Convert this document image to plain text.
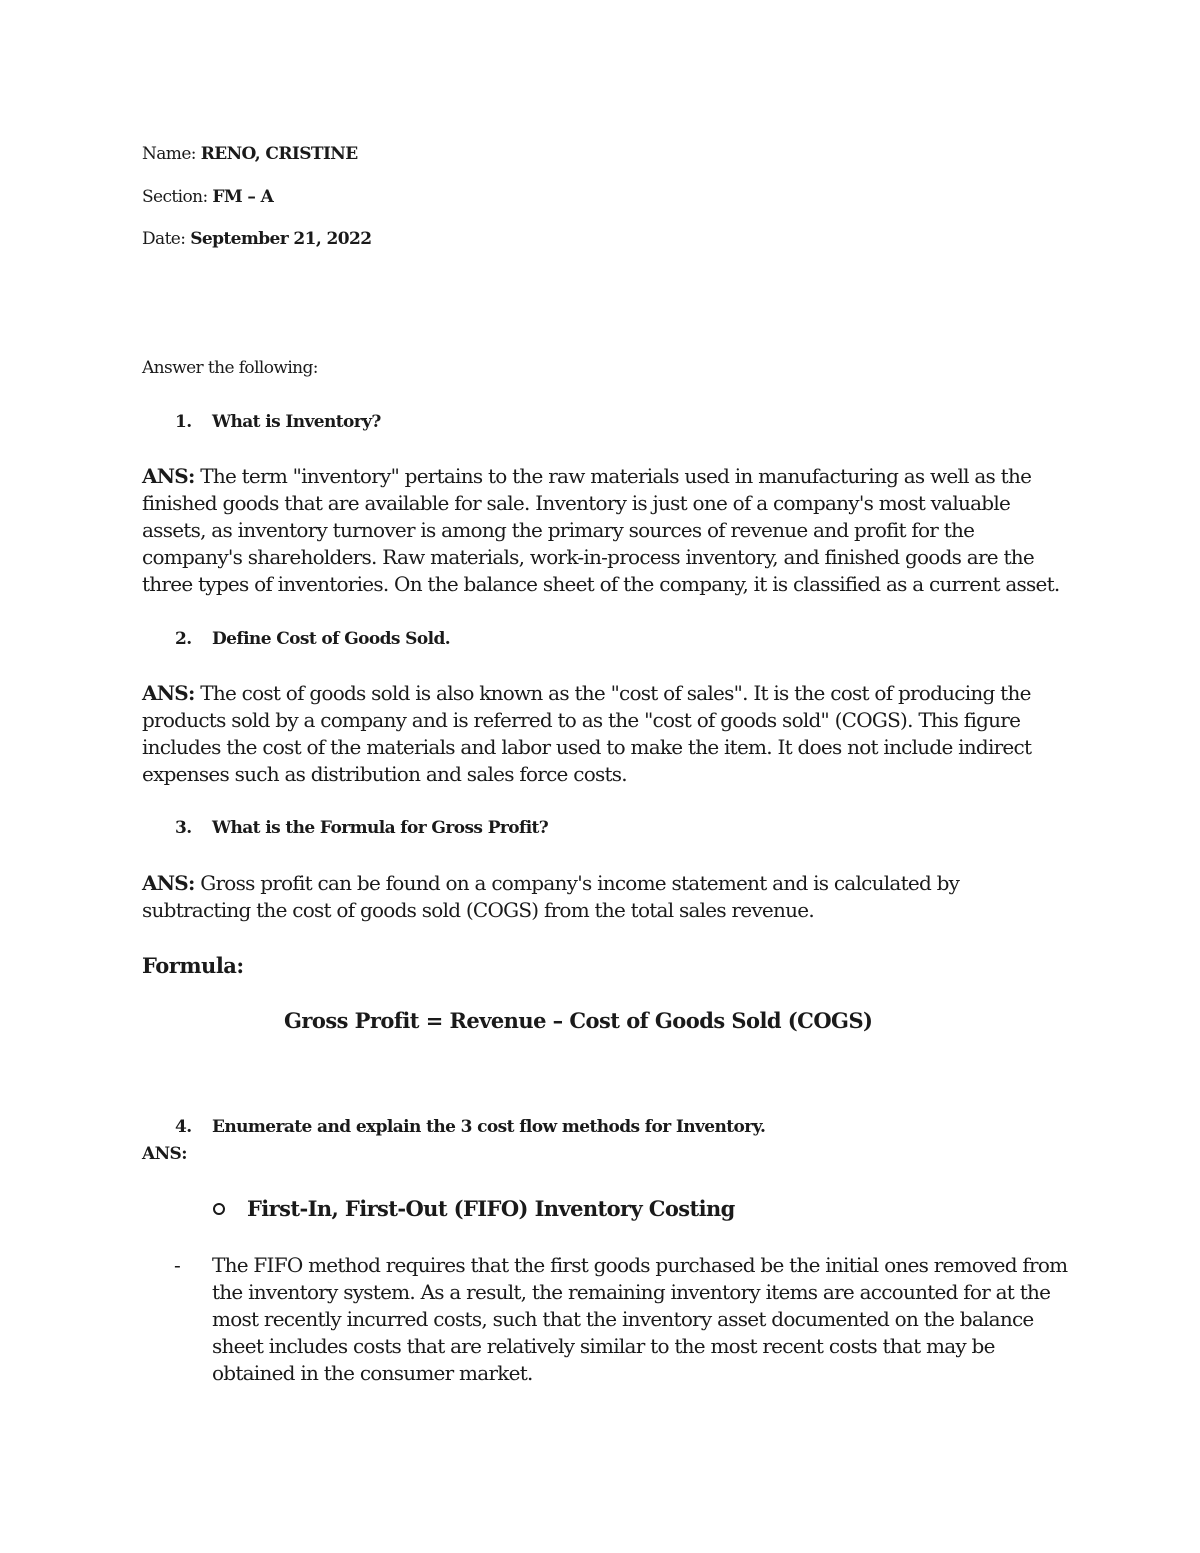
Name: RENO, CRISTINE
Section: FM – A
Date: September 21, 2022
Answer the following:
1. What is Inventory?
ANS: The term "inventory" pertains to the raw materials used in manufacturing as well as the finished goods that are available for sale. Inventory is just one of a company's most valuable assets, as inventory turnover is among the primary sources of revenue and profit for the company's shareholders. Raw materials, work-in-process inventory, and finished goods are the three types of inventories. On the balance sheet of the company, it is classified as a current asset.
2. Define Cost of Goods Sold.
ANS: The cost of goods sold is also known as the "cost of sales". It is the cost of producing the products sold by a company and is referred to as the "cost of goods sold" (COGS). This figure includes the cost of the materials and labor used to make the item. It does not include indirect expenses such as distribution and sales force costs.
3. What is the Formula for Gross Profit?
ANS: Gross profit can be found on a company's income statement and is calculated by subtracting the cost of goods sold (COGS) from the total sales revenue.
Formula:
Gross Profit = Revenue – Cost of Goods Sold (COGS)
4. Enumerate and explain the 3 cost flow methods for Inventory.
ANS:
First-In, First-Out (FIFO) Inventory Costing
- The FIFO method requires that the first goods purchased be the initial ones removed from the inventory system. As a result, the remaining inventory items are accounted for at the most recently incurred costs, such that the inventory asset documented on the balance sheet includes costs that are relatively similar to the most recent costs that may be obtained in the consumer market.
